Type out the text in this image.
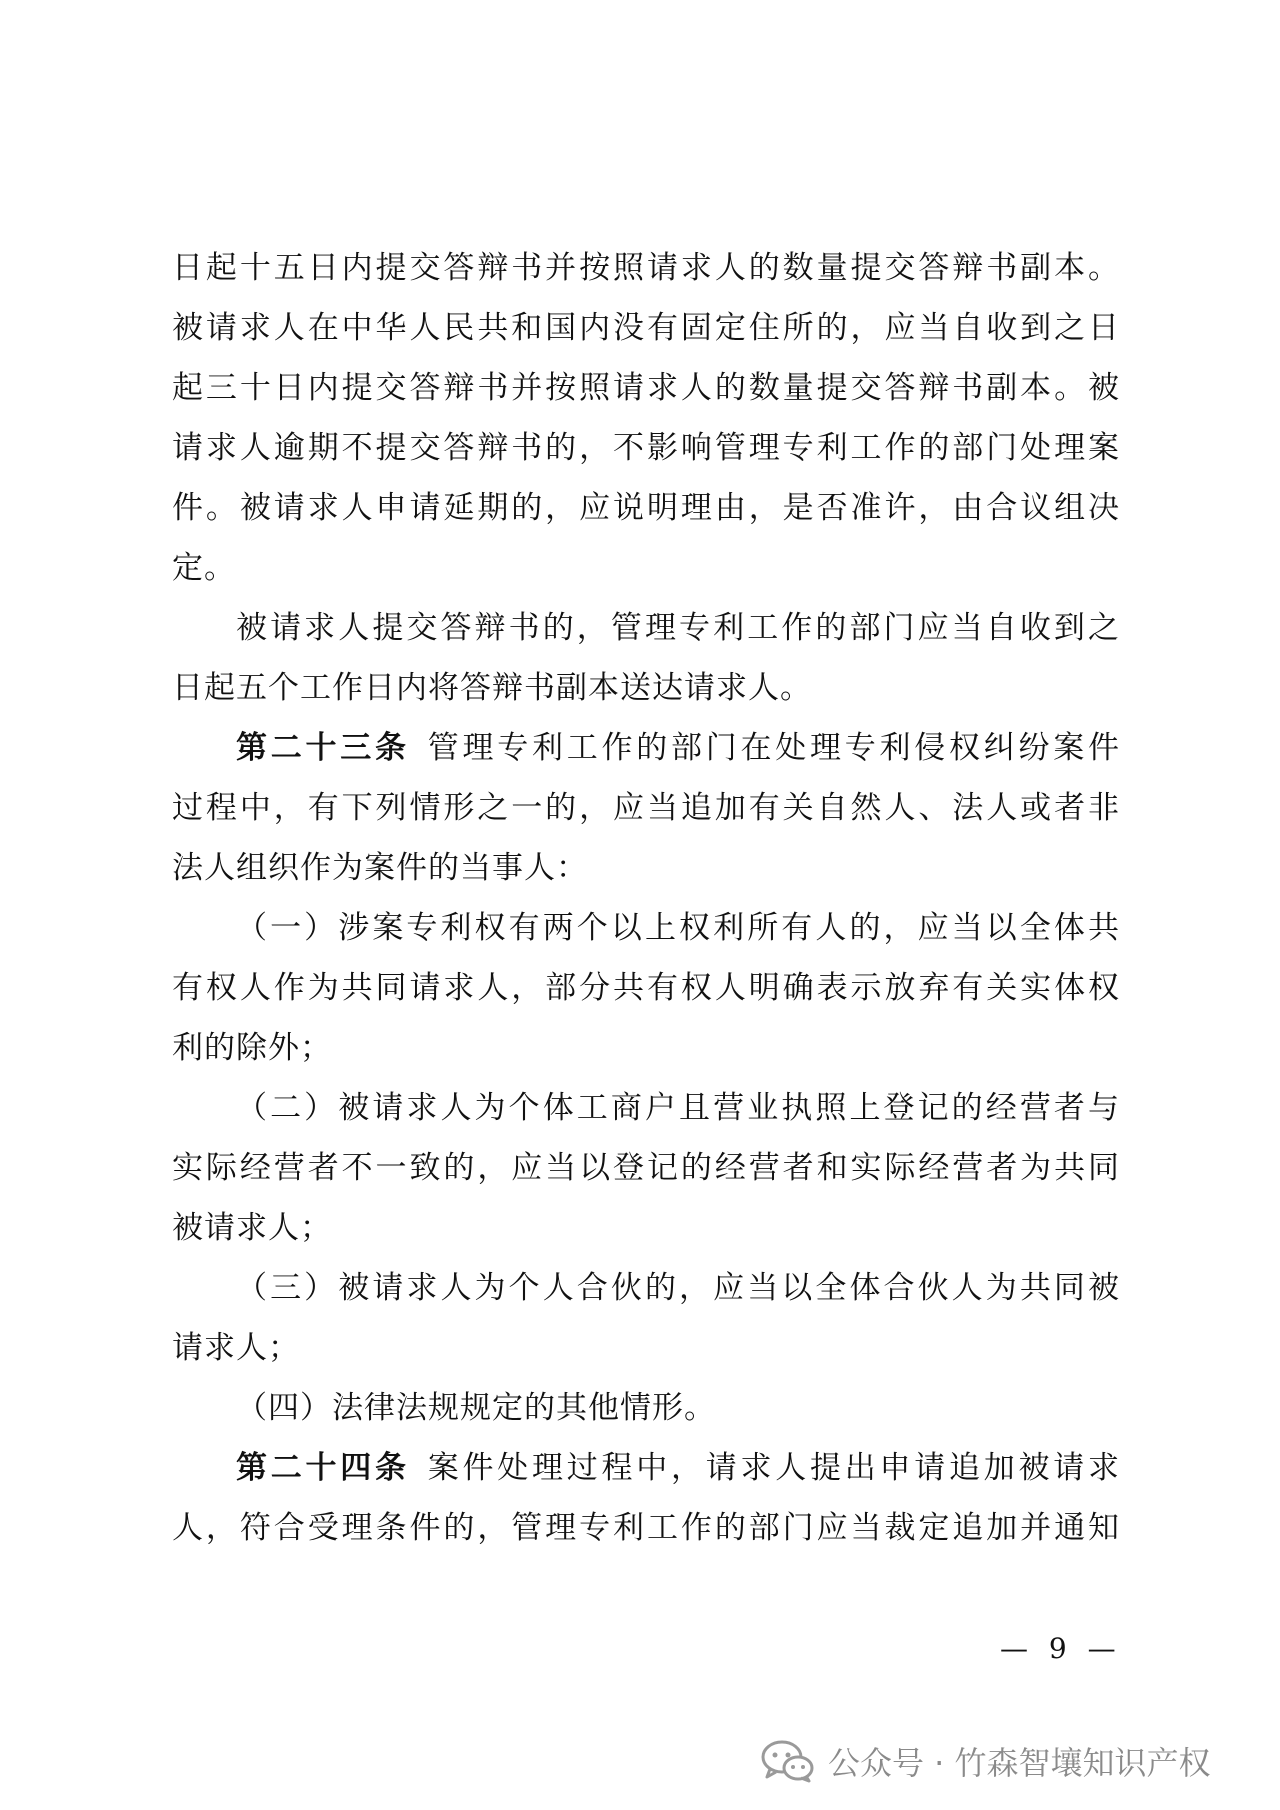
日起十五日内提交答辩书并按照请求人的数量提交答辩书副本。
被请求人在中华人民共和国内没有固定住所的，应当自收到之日
起三十日内提交答辩书并按照请求人的数量提交答辩书副本。被
请求人逾期不提交答辩书的，不影响管理专利工作的部门处理案
件。被请求人申请延期的，应说明理由，是否准许，由合议组决
定。
被请求人提交答辩书的，管理专利工作的部门应当自收到之
日起五个工作日内将答辩书副本送达请求人。
第二十三条 管理专利工作的部门在处理专利侵权纠纷案件
过程中，有下列情形之一的，应当追加有关自然人、法人或者非
法人组织作为案件的当事人：
（一）涉案专利权有两个以上权利所有人的，应当以全体共
有权人作为共同请求人，部分共有权人明确表示放弃有关实体权
利的除外；
（二）被请求人为个体工商户且营业执照上登记的经营者与
实际经营者不一致的，应当以登记的经营者和实际经营者为共同
被请求人；
（三）被请求人为个人合伙的，应当以全体合伙人为共同被
请求人；
（四）法律法规规定的其他情形。
第二十四条 案件处理过程中，请求人提出申请追加被请求
人，符合受理条件的，管理专利工作的部门应当裁定追加并通知
— 9 —
公众号 · 竹森智壤知识产权
